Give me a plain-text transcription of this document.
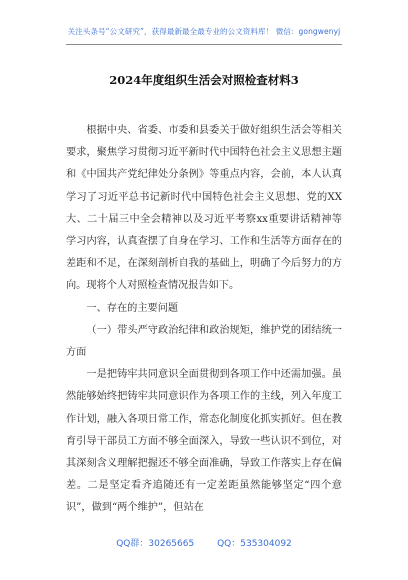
关注头条号“公文研究”，获得最新最全最专业的公文资料库！ 微信：gongwenyj
2024年度组织生活会对照检查材料3

根据中央、省委、市委和县委关于做好组织生活会等相关要求，聚焦学习贯彻习近平新时代中国特色社会主义思想主题和《中国共产党纪律处分条例》等重点内容，会前，本人认真学习了习近平总书记新时代中国特色社会主义思想、党的XX大、二十届三中全会精神以及习近平考察xx重要讲话精神等学习内容，认真查摆了自身在学习、工作和生活等方面存在的差距和不足，在深刻剖析自我的基础上，明确了今后努力的方向。现将个人对照检查情况报告如下。

一、存在的主要问题

（一）带头严守政治纪律和政治规矩，维护党的团结统一方面

一是把铸牢共同意识全面贯彻到各项工作中还需加强。虽然能够始终把铸牢共同意识作为各项工作的主线，列入年度工作计划，融入各项日常工作，常态化制度化抓实抓好。但在教育引导干部员工方面不够全面深入，导致一些认识不到位，对其深刻含义理解把握还不够全面准确，导致工作落实上存在偏差。二是坚定看齐追随还有一定差距虽然能够坚定“四个意识”，做到“两个维护”，但站在

QQ群：30265665	QQ：535304092
